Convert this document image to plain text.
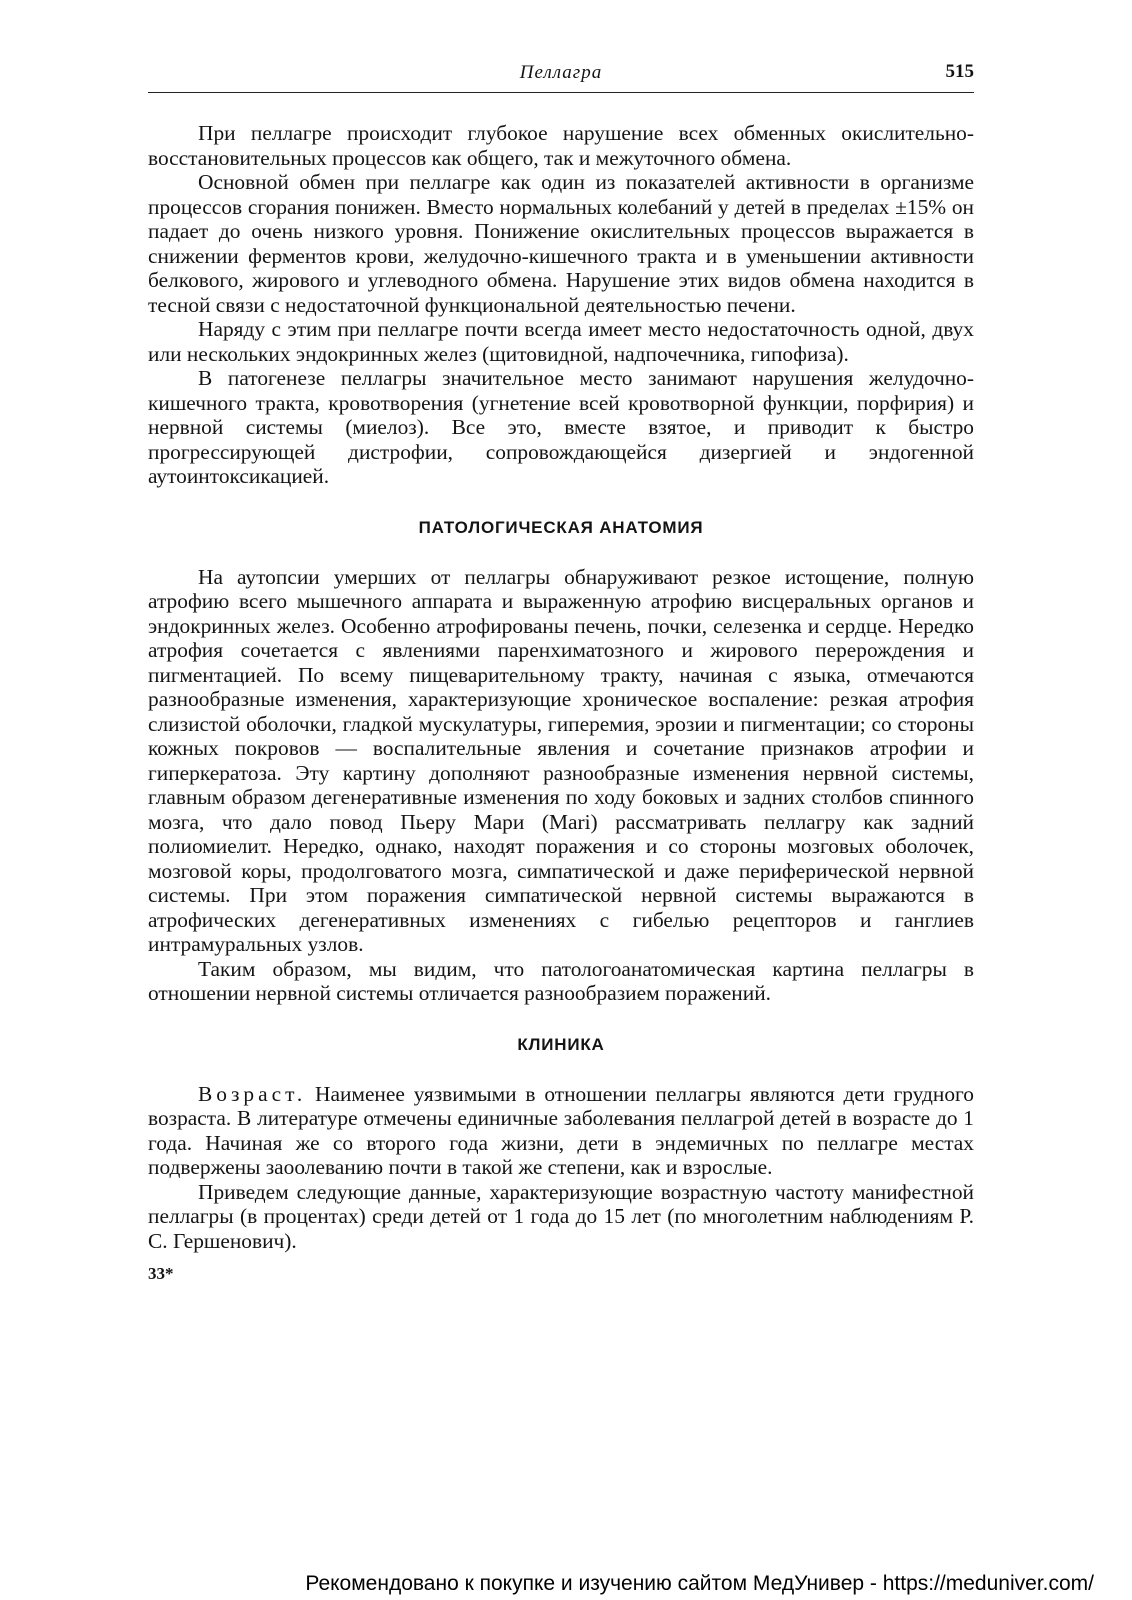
Пеллагра	515

При пеллагре происходит глубокое нарушение всех обменных окислительно-восстановительных процессов как общего, так и межуточного обмена.

Основной обмен при пеллагре как один из показателей активности в организме процессов сгорания понижен. Вместо нормальных колебаний у детей в пределах ±15% он падает до очень низкого уровня. Понижение окислительных процессов выражается в снижении ферментов крови, желудочно-кишечного тракта и в уменьшении активности белкового, жирового и углеводного обмена. Нарушение этих видов обмена находится в тесной связи с недостаточной функциональной деятельностью печени.

Наряду с этим при пеллагре почти всегда имеет место недостаточность одной, двух или нескольких эндокринных желез (щитовидной, надпочечника, гипофиза).

В патогенезе пеллагры значительное место занимают нарушения желудочно-кишечного тракта, кровотворения (угнетение всей кровотворной функции, порфирия) и нервной системы (миелоз). Все это, вместе взятое, и приводит к быстро прогрессирующей дистрофии, сопровождающейся дизергией и эндогенной аутоинтоксикацией.

ПАТОЛОГИЧЕСКАЯ АНАТОМИЯ

На аутопсии умерших от пеллагры обнаруживают резкое истощение, полную атрофию всего мышечного аппарата и выраженную атрофию висцеральных органов и эндокринных желез. Особенно атрофированы печень, почки, селезенка и сердце. Нередко атрофия сочетается с явлениями паренхиматозного и жирового перерождения и пигментацией. По всему пищеварительному тракту, начиная с языка, отмечаются разнообразные изменения, характеризующие хроническое воспаление: резкая атрофия слизистой оболочки, гладкой мускулатуры, гиперемия, эрозии и пигментации; со стороны кожных покровов — воспалительные явления и сочетание признаков атрофии и гиперкератоза. Эту картину дополняют разнообразные изменения нервной системы, главным образом дегенеративные изменения по ходу боковых и задних столбов спинного мозга, что дало повод Пьеру Мари (Mari) рассматривать пеллагру как задний полиомиелит. Нередко, однако, находят поражения и со стороны мозговых оболочек, мозговой коры, продолговатого мозга, симпатической и даже периферической нервной системы. При этом поражения симпатической нервной системы выражаются в атрофических дегенеративных изменениях с гибелью рецепторов и ганглиев интрамуральных узлов.

Таким образом, мы видим, что патологоанатомическая картина пеллагры в отношении нервной системы отличается разнообразием поражений.

КЛИНИКА

Возраст. Наименее уязвимыми в отношении пеллагры являются дети грудного возраста. В литературе отмечены единичные заболевания пеллагрой детей в возрасте до 1 года. Начиная же со второго года жизни, дети в эндемичных по пеллагре местах подвержены заоолеванию почти в такой же степени, как и взрослые.

Приведем следующие данные, характеризующие возрастную частоту манифестной пеллагры (в процентах) среди детей от 1 года до 15 лет (по многолетним наблюдениям Р. С. Гершенович).

33*
Рекомендовано к покупке и изучению сайтом МедУнивер - https://meduniver.com/
